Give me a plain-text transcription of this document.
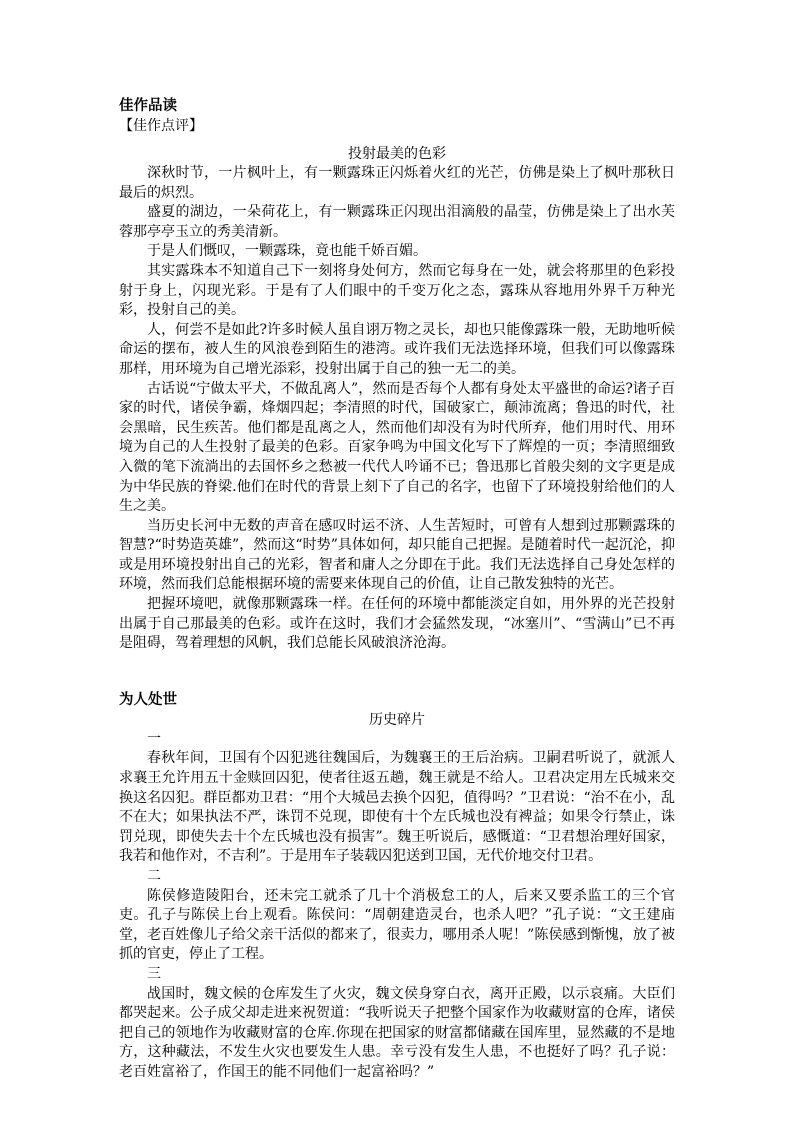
佳作品读

【佳作点评】

投射最美的色彩

深秋时节，一片枫叶上，有一颗露珠正闪烁着火红的光芒，仿佛是染上了枫叶那秋日最后的炽烈。

盛夏的湖边，一朵荷花上，有一颗露珠正闪现出泪滴般的晶莹，仿佛是染上了出水芙蓉那亭亭玉立的秀美清新。

于是人们慨叹，一颗露珠，竟也能千娇百媚。

其实露珠本不知道自己下一刻将身处何方，然而它每身在一处，就会将那里的色彩投射于身上，闪现光彩。于是有了人们眼中的千变万化之态，露珠从容地用外界千万种光彩，投射自己的美。

人，何尝不是如此?许多时候人虽自诩万物之灵长，却也只能像露珠一般，无助地听候命运的摆布，被人生的风浪卷到陌生的港湾。或许我们无法选择环境，但我们可以像露珠那样，用环境为自己增光添彩，投射出属于自己的独一无二的美。

古话说“宁做太平犬，不做乱离人”，然而是否每个人都有身处太平盛世的命运?诸子百家的时代，诸侯争霸，烽烟四起；李清照的时代，国破家亡，颠沛流离；鲁迅的时代，社会黑暗，民生疾苦。他们都是乱离之人，然而他们却没有为时代所弃，他们用时代、用环境为自己的人生投射了最美的色彩。百家争鸣为中国文化写下了辉煌的一页；李清照细致入微的笔下流淌出的去国怀乡之愁被一代代人吟诵不已；鲁迅那匕首般尖刻的文字更是成为中华民族的脊梁.他们在时代的背景上刻下了自己的名字，也留下了环境投射给他们的人生之美。

当历史长河中无数的声音在感叹时运不济、人生苦短时，可曾有人想到过那颗露珠的智慧?“时势造英雄”，然而这“时势”具体如何，却只能自己把握。是随着时代一起沉沦，抑或是用环境投射出自己的光彩，智者和庸人之分即在于此。我们无法选择自己身处怎样的环境，然而我们总能根据环境的需要来体现自己的价值，让自己散发独特的光芒。

把握环境吧，就像那颗露珠一样。在任何的环境中都能淡定自如，用外界的光芒投射出属于自己那最美的色彩。或许在这时，我们才会猛然发现，“冰塞川”、“雪满山”已不再是阻碍，驾着理想的风帆，我们总能长风破浪济沧海。

为人处世

历史碎片

一

春秋年间，卫国有个囚犯逃往魏国后，为魏襄王的王后治病。卫嗣君听说了，就派人求襄王允许用五十金赎回囚犯，使者往返五趟，魏王就是不给人。卫君决定用左氏城来交换这名囚犯。群臣都劝卫君：“用个大城邑去换个囚犯，值得吗？”卫君说：“治不在小，乱不在大；如果执法不严，诛罚不兑现，即使有十个左氏城也没有裨益；如果令行禁止，诛罚兑现，即使失去十个左氏城也没有损害”。魏王听说后，感慨道：“卫君想治理好国家，我若和他作对，不吉利”。于是用车子装载囚犯送到卫国，无代价地交付卫君。

二

陈侯修造陵阳台，还未完工就杀了几十个消极怠工的人，后来又要杀监工的三个官吏。孔子与陈侯上台上观看。陈侯问：“周朝建造灵台，也杀人吧？”孔子说：“文王建庙堂，老百姓像儿子给父亲干活似的都来了，很卖力，哪用杀人呢！”陈侯感到惭愧，放了被抓的官吏，停止了工程。

三

战国时，魏文候的仓库发生了火灾，魏文侯身穿白衣，离开正殿，以示哀痛。大臣们都哭起来。公子成父却走进来祝贺道：“我听说天子把整个国家作为收藏财富的仓库，诸侯把自己的领地作为收藏财富的仓库.你现在把国家的财富都储藏在国库里，显然藏的不是地方，这种藏法，不发生火灾也要发生人患。幸亏没有发生人患，不也挺好了吗？孔子说：老百姓富裕了，作国王的能不同他们一起富裕吗？”
